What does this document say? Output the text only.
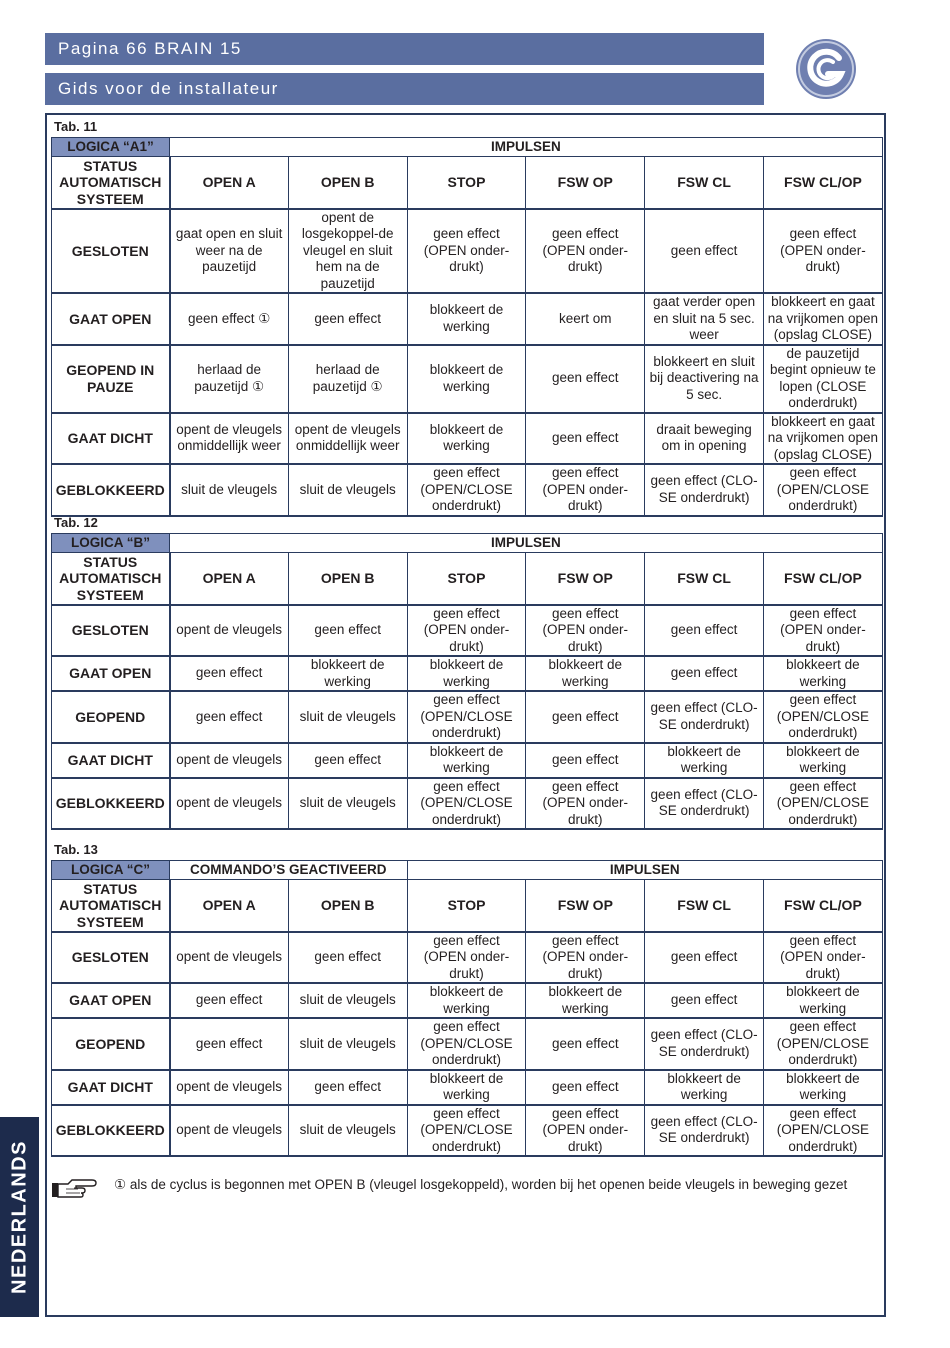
Pagina 66 BRAIN 15
Gids voor de installateur
NEDERLANDS
Tab. 11
LOGICA “A1”	IMPULSEN					
STATUS AUTOMATISCH SYSTEEM	OPEN A	OPEN B	STOP	FSW OP	FSW CL	FSW CL/OP
GESLOTEN	gaat open en sluit weer na de pauzetijd	opent de losgekoppel-de vleugel en sluit hem na de pauzetijd	geen effect (OPEN onder-drukt)	geen effect (OPEN onder-drukt)	geen effect	geen effect (OPEN onder-drukt)
GAAT OPEN	geen effect ①	geen effect	blokkeert de werking	keert om	gaat verder open en sluit na 5 sec. weer	blokkeert en gaat na vrijkomen open (opslag CLOSE)
GEOPEND IN PAUZE	herlaad de pauzetijd ①	herlaad de pauzetijd ①	blokkeert de werking	geen effect	blokkeert en sluit bij deactivering na 5 sec.	de pauzetijd begint opnieuw te lopen (CLOSE onderdrukt)
GAAT DICHT	opent de vleugels onmiddellijk weer	opent de vleugels onmiddellijk weer	blokkeert de werking	geen effect	draait beweging om in opening	blokkeert en gaat na vrijkomen open (opslag CLOSE)
GEBLOKKEERD	sluit de vleugels	sluit de vleugels	geen effect (OPEN/CLOSE onderdrukt)	geen effect (OPEN onder-drukt)	geen effect (CLO-SE onderdrukt)	geen effect (OPEN/CLOSE onderdrukt)
Tab. 12
LOGICA “B”	IMPULSEN					
STATUS AUTOMATISCH SYSTEEM	OPEN A	OPEN B	STOP	FSW OP	FSW CL	FSW CL/OP
GESLOTEN	opent de vleugels	geen effect	geen effect (OPEN onder-drukt)	geen effect (OPEN onder-drukt)	geen effect	geen effect (OPEN onder-drukt)
GAAT OPEN	geen effect	blokkeert de werking	blokkeert de werking	blokkeert de werking	geen effect	blokkeert de werking
GEOPEND	geen effect	sluit de vleugels	geen effect (OPEN/CLOSE onderdrukt)	geen effect	geen effect (CLO-SE onderdrukt)	geen effect (OPEN/CLOSE onderdrukt)
GAAT DICHT	opent de vleugels	geen effect	blokkeert de werking	geen effect	blokkeert de werking	blokkeert de werking
GEBLOKKEERD	opent de vleugels	sluit de vleugels	geen effect (OPEN/CLOSE onderdrukt)	geen effect (OPEN onder-drukt)	geen effect (CLO-SE onderdrukt)	geen effect (OPEN/CLOSE onderdrukt)
Tab. 13
LOGICA “C”	COMMANDO’S GEACTIVEERD		IMPULSEN			
STATUS AUTOMATISCH SYSTEEM	OPEN A	OPEN B	STOP	FSW OP	FSW CL	FSW CL/OP
GESLOTEN	opent de vleugels	geen effect	geen effect (OPEN onder-drukt)	geen effect (OPEN onder-drukt)	geen effect	geen effect (OPEN onder-drukt)
GAAT OPEN	geen effect	sluit de vleugels	blokkeert de werking	blokkeert de werking	geen effect	blokkeert de werking
GEOPEND	geen effect	sluit de vleugels	geen effect (OPEN/CLOSE onderdrukt)	geen effect	geen effect (CLO-SE onderdrukt)	geen effect (OPEN/CLOSE onderdrukt)
GAAT DICHT	opent de vleugels	geen effect	blokkeert de werking	geen effect	blokkeert de werking	blokkeert de werking
GEBLOKKEERD	opent de vleugels	sluit de vleugels	geen effect (OPEN/CLOSE onderdrukt)	geen effect (OPEN onder-drukt)	geen effect (CLO-SE onderdrukt)	geen effect (OPEN/CLOSE onderdrukt)
① als de cyclus is begonnen met OPEN B (vleugel losgekoppeld), worden bij het openen beide vleugels in beweging gezet
